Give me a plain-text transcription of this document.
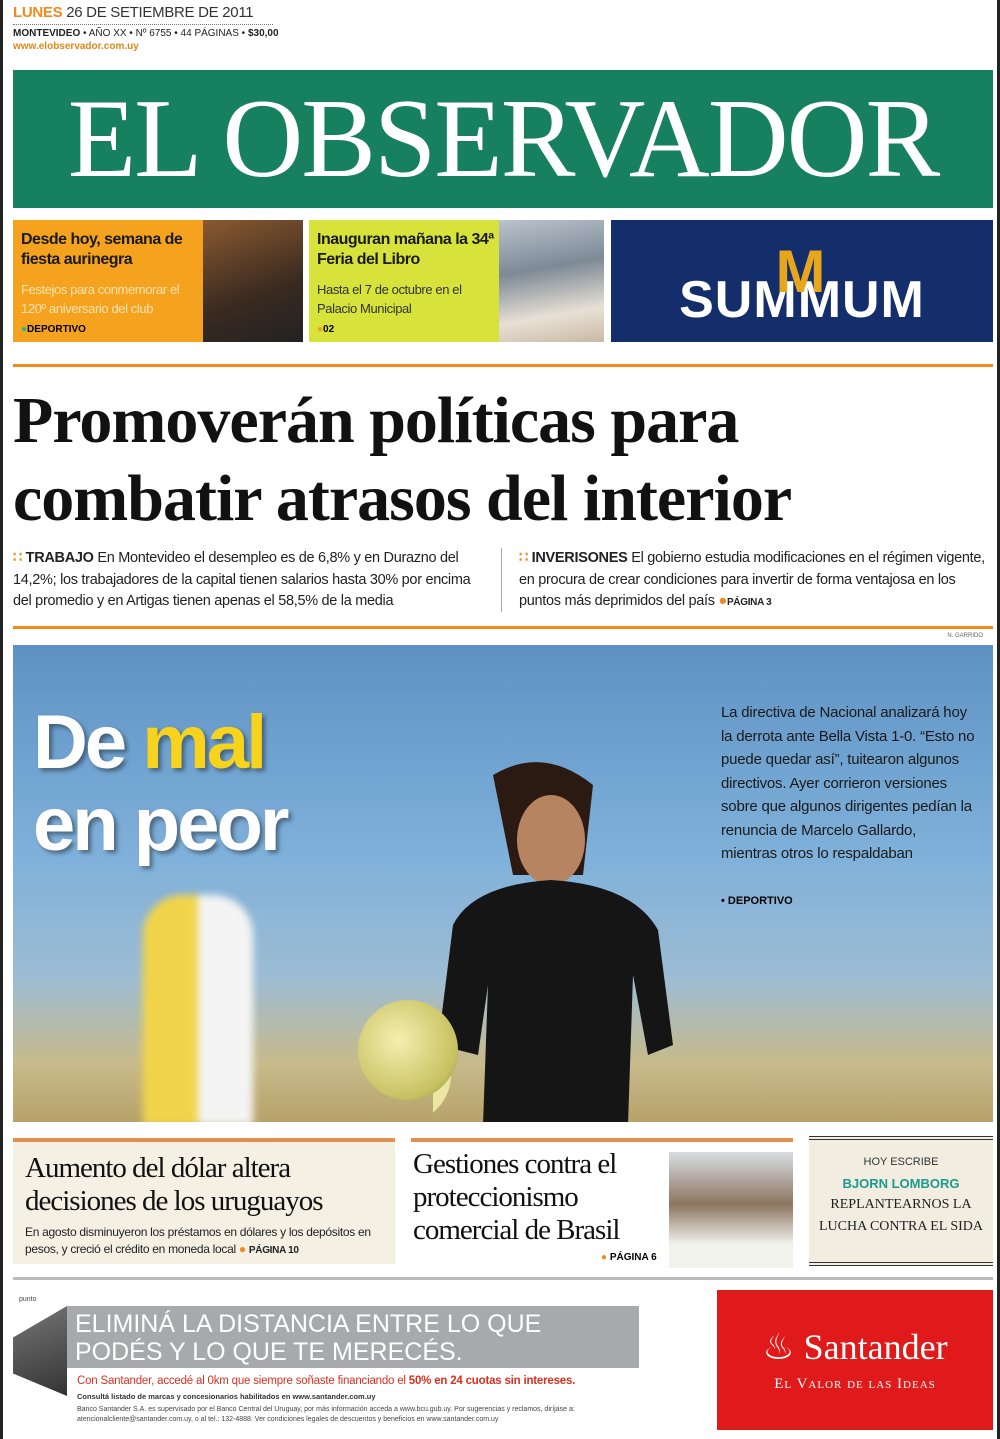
LUNES 26 DE SETIEMBRE DE 2011
MONTEVIDEO • AÑO XX • Nº 6755 • 44 PÁGINAS • $30,00
www.elobservador.com.uy
EL OBSERVADOR
Desde hoy, semana de fiesta aurinegra
Festejos para conmemorar el 120º aniversario del club
●DEPORTIVO
Inauguran mañana la 34ª Feria del Libro
Hasta el 7 de octubre en el Palacio Municipal
●02
M
SUMMUM
Promoverán políticas para combatir atrasos del interior
∷ TRABAJO En Montevideo el desempleo es de 6,8% y en Durazno del 14,2%; los trabajadores de la capital tienen salarios hasta 30% por encima del promedio y en Artigas tienen apenas el 58,5% de la media
∷ INVERISONES El gobierno estudia modificaciones en el régimen vigente, en procura de crear condiciones para invertir de forma ventajosa en los puntos más deprimidos del país ●PÁGINA 3
N. GARRIDO
De mal
en peor
La directiva de Nacional analizará hoy la derrota ante Bella Vista 1-0. “Esto no puede quedar así”, tuitearon algunos directivos. Ayer corrieron versiones sobre que algunos dirigentes pedían la renuncia de Marcelo Gallardo, mientras otros lo respaldaban
• DEPORTIVO
Aumento del dólar altera decisiones de los uruguayos
En agosto disminuyeron los préstamos en dólares y los depósitos en pesos, y creció el crédito en moneda local ● PÁGINA 10
Gestiones contra el proteccionismo comercial de Brasil
● PÁGINA 6
HOY ESCRIBE
BJORN LOMBORG
REPLANTEARNOS LA LUCHA CONTRA EL SIDA
punto
ELIMINÁ LA DISTANCIA ENTRE LO QUE PODÉS Y LO QUE TE MERECÉS.
Con Santander, accedé al 0km que siempre soñaste financiando el 50% en 24 cuotas sin intereses.
Consultá listado de marcas y concesionarios habilitados en www.santander.com.uy
Banco Santander S.A. es supervisado por el Banco Central del Uruguay, por más información acceda a www.bcu.gub.uy. Por sugerencias y reclamos, diríjase a: atencionalcliente@santander.com.uy, o al tel.: 132-4888. Ver condiciones legales de descuentos y beneficios en www.santander.com.uy
♨ Santander
El Valor de las Ideas
